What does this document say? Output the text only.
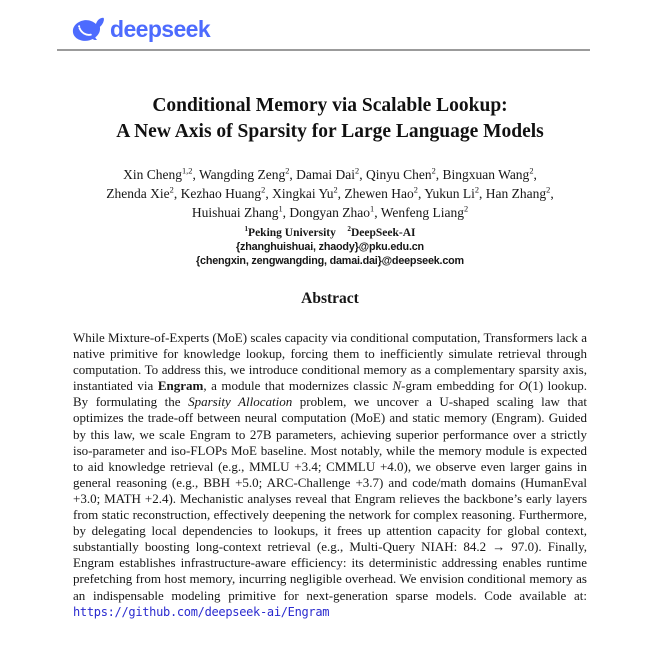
deepseek
Conditional Memory via Scalable Lookup:
A New Axis of Sparsity for Large Language Models
Xin Cheng$^{1,2}$, Wangding Zeng$^2$, Damai Dai$^2$, Qinyu Chen$^2$, Bingxuan Wang$^2$,
Zhenda Xie$^2$, Kezhao Huang$^2$, Xingkai Yu$^2$, Zhewen Hao$^2$, Yukun Li$^2$, Han Zhang$^2$,
Huishuai Zhang$^1$, Dongyan Zhao$^1$, Wenfeng Liang$^2$
$^1$Peking University $^2$DeepSeek-AI
{zhanghuishuai, zhaody}@pku.edu.cn
{chengxin, zengwangding, damai.dai}@deepseek.com
Abstract
While Mixture-of-Experts (MoE) scales capacity via conditional computation, Transformers lack a native primitive for knowledge lookup, forcing them to inefficiently simulate retrieval through computation. To address this, we introduce conditional memory as a complementary sparsity axis, instantiated via Engram, a module that modernizes classic N-gram embedding for O(1) lookup. By formulating the Sparsity Allocation problem, we uncover a U-shaped scaling law that optimizes the trade-off between neural computation (MoE) and static memory (Engram). Guided by this law, we scale Engram to 27B parameters, achieving superior performance over a strictly iso-parameter and iso-FLOPs MoE baseline. Most notably, while the memory module is expected to aid knowledge retrieval (e.g., MMLU +3.4; CMMLU +4.0), we observe even larger gains in general reasoning (e.g., BBH +5.0; ARC-Challenge +3.7) and code/math domains (HumanEval +3.0; MATH +2.4). Mechanistic analyses reveal that Engram relieves the backbone’s early layers from static reconstruction, effectively deepening the network for complex reasoning. Furthermore, by delegating local dependencies to lookups, it frees up attention capacity for global context, substantially boosting long-context retrieval (e.g., Multi-Query NIAH: 84.2 → 97.0). Finally, Engram establishes infrastructure-aware efficiency: its deterministic addressing enables runtime prefetching from host memory, incurring negligible overhead. We envision conditional memory as an indispensable modeling primitive for next-generation sparse models. Code available at: https://github.com/deepseek-ai/Engram
